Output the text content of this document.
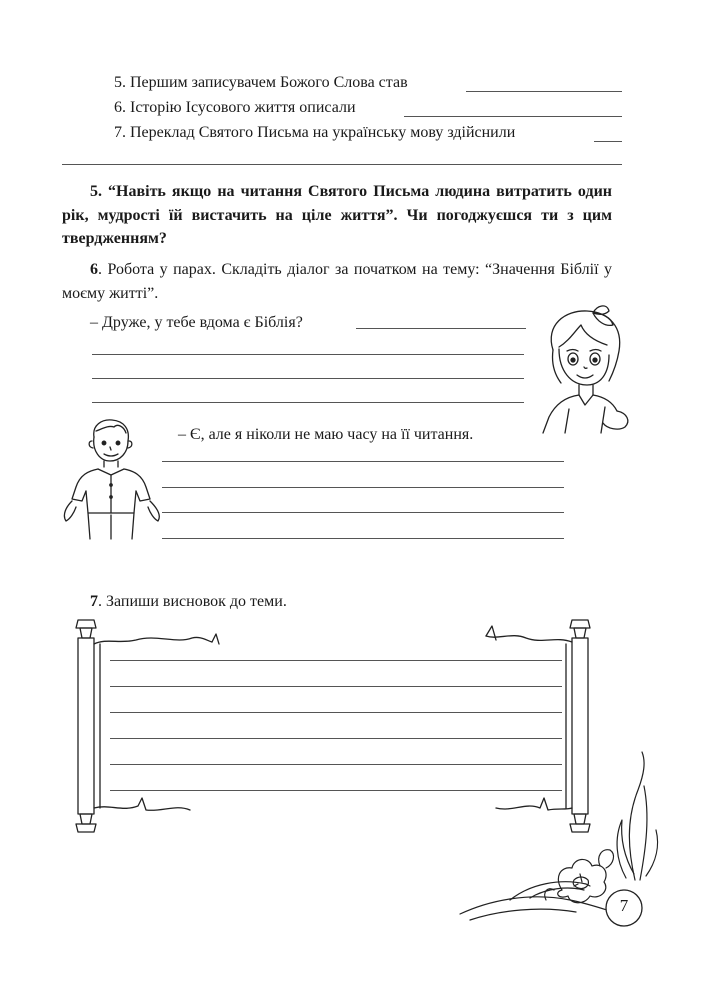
5. Першим записувачем Божого Слова став
6. Історію Ісусового життя описали
7. Переклад Святого Письма на українську мову здійснили
5. “Навіть якщо на читання Святого Письма людина витратить один рік, мудрості їй вистачить на ціле життя”. Чи погоджуєшся ти з цим твердженням?
6. Робота у парах. Складіть діалог за початком на тему: “Значення Біблії у моєму житті”.
– Друже, у тебе вдома є Біблія?
– Є, але я ніколи не маю часу на її читання.
7. Запиши висновок до теми.
7
